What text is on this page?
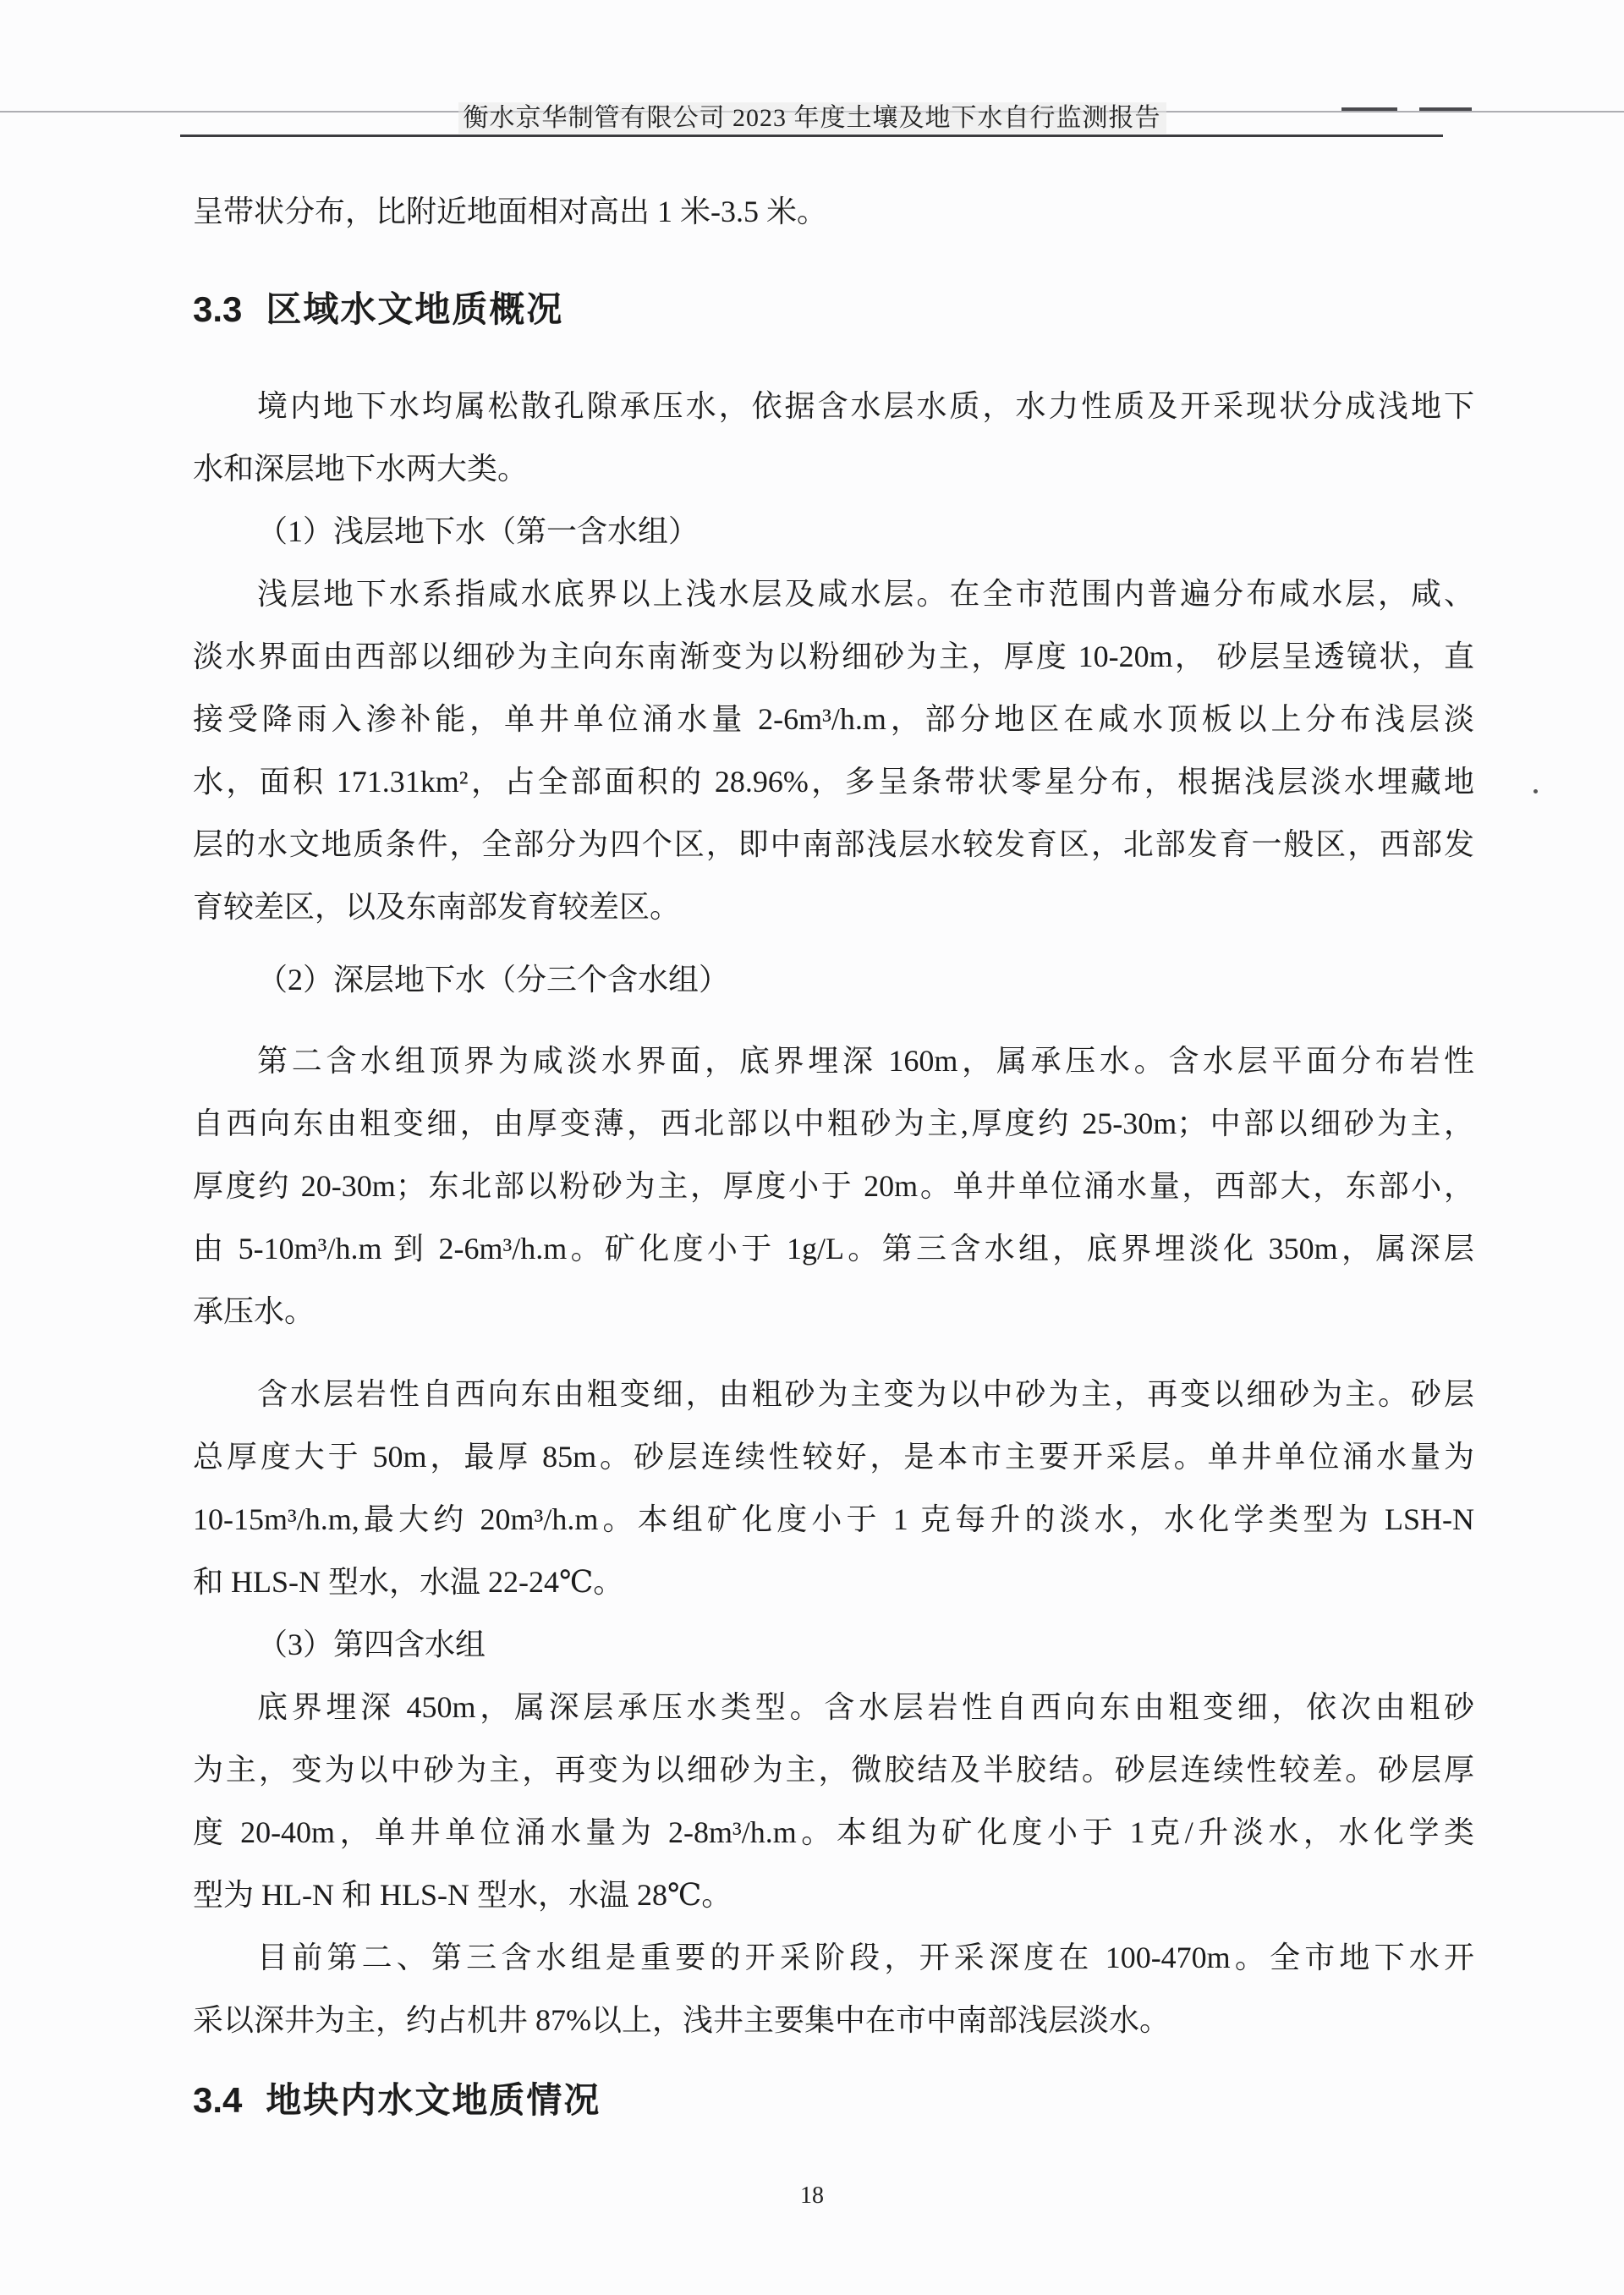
衡水京华制管有限公司 2023 年度土壤及地下水自行监测报告
呈带状分布，比附近地面相对高出 1 米-3.5 米。
3.3 区域水文地质概况
境内地下水均属松散孔隙承压水，依据含水层水质，水力性质及开采现状分成浅地下
水和深层地下水两大类。
（1）浅层地下水（第一含水组）
浅层地下水系指咸水底界以上浅水层及咸水层。在全市范围内普遍分布咸水层，咸、
淡水界面由西部以细砂为主向东南渐变为以粉细砂为主，厚度 10-20m， 砂层呈透镜状，直
接受降雨入渗补能，单井单位涌水量 2-6m³/h.m，部分地区在咸水顶板以上分布浅层淡
水，面积 171.31km²，占全部面积的 28.96%，多呈条带状零星分布，根据浅层淡水埋藏地
层的水文地质条件，全部分为四个区，即中南部浅层水较发育区，北部发育一般区，西部发
育较差区，以及东南部发育较差区。
（2）深层地下水（分三个含水组）
第二含水组顶界为咸淡水界面，底界埋深 160m，属承压水。含水层平面分布岩性
自西向东由粗变细，由厚变薄，西北部以中粗砂为主,厚度约 25-30m；中部以细砂为主，
厚度约 20-30m；东北部以粉砂为主，厚度小于 20m。单井单位涌水量，西部大，东部小，
由 5-10m³/h.m 到 2-6m³/h.m。矿化度小于 1g/L。第三含水组，底界埋淡化 350m，属深层
承压水。
含水层岩性自西向东由粗变细，由粗砂为主变为以中砂为主，再变以细砂为主。砂层
总厚度大于 50m，最厚 85m。砂层连续性较好，是本市主要开采层。单井单位涌水量为
10-15m³/h.m,最大约 20m³/h.m。本组矿化度小于 1 克每升的淡水，水化学类型为 LSH-N
和 HLS-N 型水，水温 22-24℃。
（3）第四含水组
底界埋深 450m，属深层承压水类型。含水层岩性自西向东由粗变细，依次由粗砂
为主，变为以中砂为主，再变为以细砂为主，微胶结及半胶结。砂层连续性较差。砂层厚
度 20-40m，单井单位涌水量为 2-8m³/h.m。本组为矿化度小于 1克/升淡水，水化学类
型为 HL-N 和 HLS-N 型水，水温 28℃。
目前第二、第三含水组是重要的开采阶段，开采深度在 100-470m。全市地下水开
采以深井为主，约占机井 87%以上，浅井主要集中在市中南部浅层淡水。
3.4 地块内水文地质情况
18
